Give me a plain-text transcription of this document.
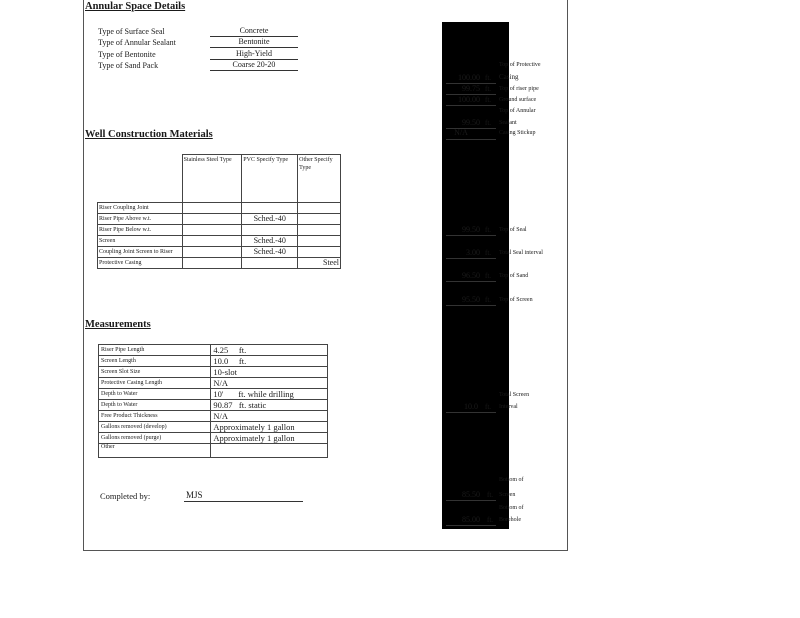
Annular Space Details
Type of Surface Seal	Concrete
Type of Annular Sealant	Bentonite
Type of Bentonite	High-Yield
Type of Sand Pack	Coarse 20-20
Well Construction Materials
	Stainless Steel Type	PVC Specify Type	Other Specify Type
Riser Coupling Joint			
Riser Pipe Above w.t.		Sched.-40	
Riser Pipe Below w.t.			
Screen		Sched.-40	
Coupling Joint Screen to Riser		Sched.-40	
Protective Casing			Steel
Measurements
Riser Pipe Length	4.25 ft.
Screen Length	10.0 ft.
Screen Slot Size	10-slot
Protective Casing Length	N/A
Depth to Water	10' ft. while drilling
Depth to Water	90.87 ft. static
Free Product Thickness	N/A
Gallons removed (develop)	Approximately 1 gallon
Gallons removed (purge)	Approximately 1 gallon
Other	
Completed by:	MJS
Top of Protective
100.00 ft. Casing
99.75 ft. Top of riser pipe
100.00 ft. Ground surface
Top of Annular
99.50 ft. Sealant
N/A	Casing Stickup
99.50 ft. Top of Seal
3.00 ft. Total Seal interval
96.50 ft. Top of Sand
95.50 ft. Top of Screen
Total Screen
10.0 ft. Interval
Bottom of
85.50 ft. Screen
Bottom of
85.00 ft. Borehole
